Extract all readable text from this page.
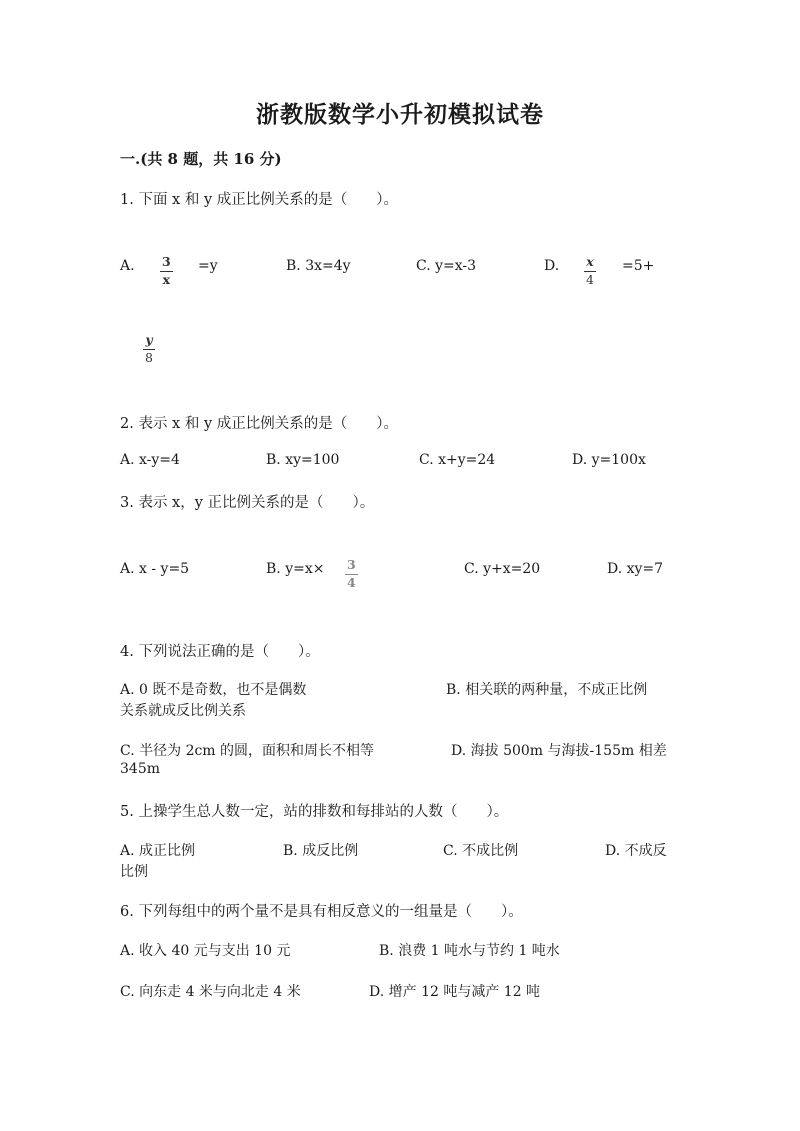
浙教版数学小升初模拟试卷
一.(共 8 题，共 16 分)
1. 下面 x 和 y 成正比例关系的是（　　）。
A. $\frac{3}{x} =y$	B. 3x=4y	C. y=x-3	D. $\frac{x}{4} =5+$
$\frac{y}{8}$
2. 表示 x 和 y 成正比例关系的是（　　）。
A. x-y=4	B. xy=100	C. x+y=24	D. y=100x
3. 表示 x，y 正比例关系的是（　　）。
A. x - y=5	B. $y=x\times \frac{3}{4}$	C. y+x=20	D. xy=7
4. 下列说法正确的是（　　）。
A. 0 既不是奇数，也不是偶数	B. 相关联的两种量，不成正比例
关系就成反比例关系
C. 半径为 2cm 的圆，面积和周长不相等	D. 海拔 500m 与海拔-155m 相差
345m
5. 上操学生总人数一定，站的排数和每排站的人数（　　）。
A. 成正比例	B. 成反比例	C. 不成比例	D. 不成反
比例
6. 下列每组中的两个量不是具有相反意义的一组量是（　　）。
A. 收入 40 元与支出 10 元	B. 浪费 1 吨水与节约 1 吨水
C. 向东走 4 米与向北走 4 米	D. 增产 12 吨与减产 12 吨
